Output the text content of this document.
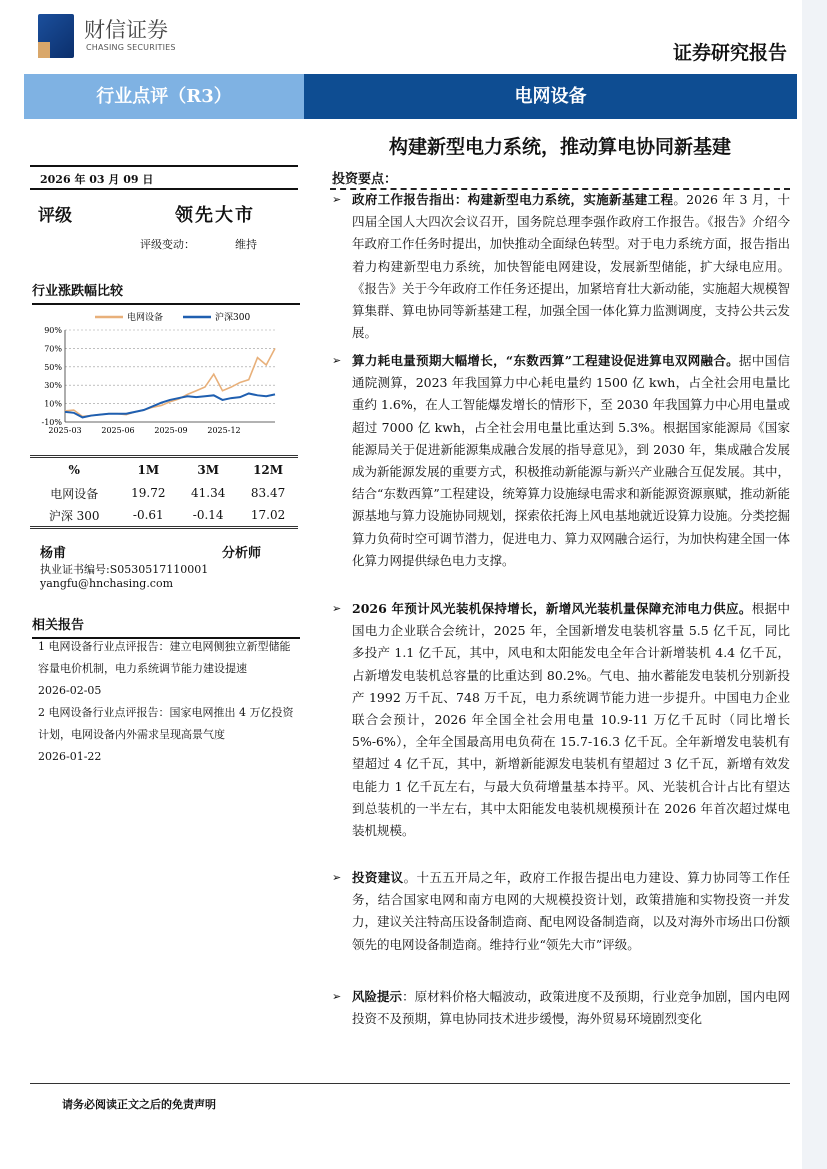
财信证券
CHASING SECURITIES	证券研究报告
行业点评（R3）	电网设备
构建新型电力系统，推动算电协同新基建
2026 年 03 月 09 日
评级	领先大市
评级变动：	维持
行业涨跌幅比较
电网设备	沪深300
90%
70%
50%
30%
10%
-10%
2025-03 2025-06 2025-09 2025-12
%	1M	3M	12M
电网设备	19.72	41.34	83.47
沪深 300	-0.61	-0.14	17.02
杨甫	分析师
执业证书编号:S0530517110001
yangfu@hnchasing.com
相关报告
1 电网设备行业点评报告：建立电网侧独立新型储能容量电价机制，电力系统调节能力建设提速
2026-02-05
2 电网设备行业点评报告：国家电网推出 4 万亿投资计划，电网设备内外需求呈现高景气度
2026-01-22
投资要点：
➢ 政府工作报告指出：构建新型电力系统，实施新基建工程。2026 年 3 月，十四届全国人大四次会议召开，国务院总理李强作政府工作报告。《报告》介绍今年政府工作任务时提出，加快推动全面绿色转型。对于电力系统方面，报告指出着力构建新型电力系统，加快智能电网建设，发展新型储能，扩大绿电应用。《报告》关于今年政府工作任务还提出，加紧培育壮大新动能，实施超大规模智算集群、算电协同等新基建工程，加强全国一体化算力监测调度，支持公共云发展。

➢ 算力耗电量预期大幅增长，“东数西算”工程建设促进算电双网融合。据中国信通院测算，2023 年我国算力中心耗电量约 1500 亿 kwh，占全社会用电量比重约 1.6%，在人工智能爆发增长的情形下，至 2030 年我国算力中心用电量或超过 7000 亿 kwh，占全社会用电量比重达到 5.3%。根据国家能源局《国家能源局关于促进新能源集成融合发展的指导意见》，到 2030 年，集成融合发展成为新能源发展的重要方式，积极推动新能源与新兴产业融合互促发展。其中，结合“东数西算”工程建设，统筹算力设施绿电需求和新能源资源禀赋，推动新能源基地与算力设施协同规划，探索依托海上风电基地就近设算力设施。分类挖掘算力负荷时空可调节潜力，促进电力、算力双网融合运行，为加快构建全国一体化算力网提供绿色电力支撑。

➢ 2026 年预计风光装机保持增长，新增风光装机量保障充沛电力供应。根据中国电力企业联合会统计，2025 年，全国新增发电装机容量 5.5 亿千瓦，同比多投产 1.1 亿千瓦，其中，风电和太阳能发电全年合计新增装机 4.4 亿千瓦，占新增发电装机总容量的比重达到 80.2%。气电、抽水蓄能发电装机分别新投产 1992 万千瓦、748 万千瓦，电力系统调节能力进一步提升。中国电力企业联合会预计，2026 年全国全社会用电量 10.9-11 万亿千瓦时（同比增长 5%-6%），全年全国最高用电负荷在 15.7-16.3 亿千瓦。全年新增发电装机有望超过 4 亿千瓦，其中，新增新能源发电装机有望超过 3 亿千瓦，新增有效发电能力 1 亿千瓦左右，与最大负荷增量基本持平。风、光装机合计占比有望达到总装机的一半左右，其中太阳能发电装机规模预计在 2026 年首次超过煤电装机规模。

➢ 投资建议。十五五开局之年，政府工作报告提出电力建设、算力协同等工作任务，结合国家电网和南方电网的大规模投资计划，政策措施和实物投资一并发力，建议关注特高压设备制造商、配电网设备制造商，以及对海外市场出口份额领先的电网设备制造商。维持行业“领先大市”评级。

➢ 风险提示：原材料价格大幅波动，政策进度不及预期，行业竞争加剧，国内电网投资不及预期，算电协同技术进步缓慢，海外贸易环境剧烈变化

请务必阅读正文之后的免责声明
